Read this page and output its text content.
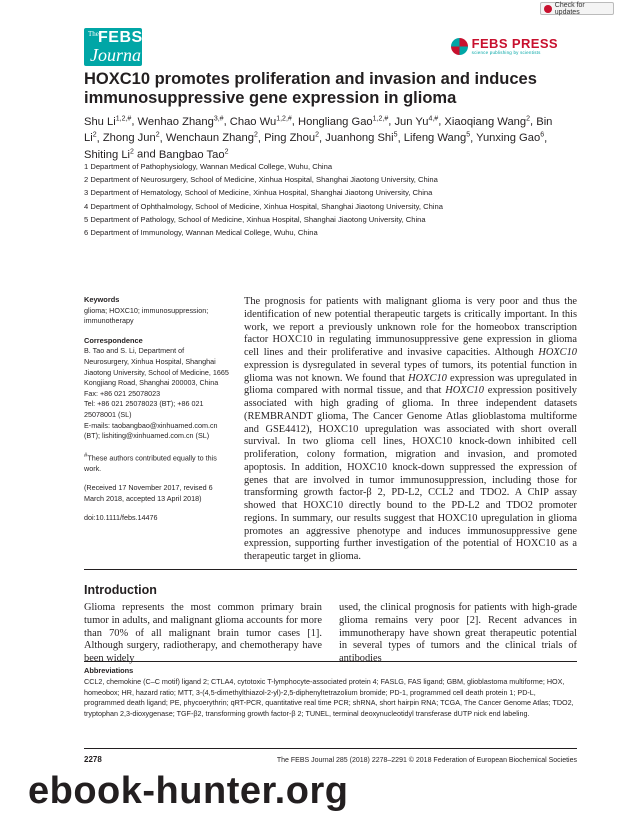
Check for updates
The FEBS
Journal
FEBS PRESS
science publishing by scientists
HOXC10 promotes proliferation and invasion and induces immunosuppressive gene expression in glioma
Shu $Li^{1,2,\#}$, Wenhao Zhang$^{3,\#}$, Chao $Wu^{1,2,\#}$, Hongliang Gao$^{1,2,\#}$, Jun $Yu^{4,\#}$, Xiaoqiang Wang$^2$, Bin Li$^2$, Zhong Jun$^2$, Wenchaun Zhang$^2$, Ping Zhou$^2$, Juanhong Shi$^5$, Lifeng Wang$^5$, Yunxing Gao$^6$, Shiting Li$^2$ and Bangbao Tao$^2$
1 Department of Pathophysiology, Wannan Medical College, Wuhu, China
2 Department of Neurosurgery, School of Medicine, Xinhua Hospital, Shanghai Jiaotong University, China
3 Department of Hematology, School of Medicine, Xinhua Hospital, Shanghai Jiaotong University, China
4 Department of Ophthalmology, School of Medicine, Xinhua Hospital, Shanghai Jiaotong University, China
5 Department of Pathology, School of Medicine, Xinhua Hospital, Shanghai Jiaotong University, China
6 Department of Immunology, Wannan Medical College, Wuhu, China
Keywords

glioma; HOXC10; immunosuppression; immunotherapy

Correspondence

B. Tao and S. Li, Department of Neurosurgery, Xinhua Hospital, Shanghai Jiaotong University, School of Medicine, 1665 Kongjiang Road, Shanghai 200003, China

Fax: +86 021 25078023

Tel: +86 021 25078023 (BT); +86 021 25078001 (SL)

E-mails: taobangbao@xinhuamed.com.cn (BT); lishiting@xinhuamed.com.cn (SL)

#These authors contributed equally to this work.

(Received 17 November 2017, revised 6 March 2018, accepted 13 April 2018)

doi:10.1111/febs.14476

The prognosis for patients with malignant glioma is very poor and thus the identification of new potential therapeutic targets is critically important. In this work, we report a previously unknown role for the homeobox transcription factor HOXC10 in regulating immunosuppressive gene expression in glioma cell lines and their proliferative and invasive capacities. Although HOXC10 expression is dysregulated in several types of tumors, its potential function in glioma was not known. We found that HOXC10 expression was upregulated in glioma compared with normal tissue, and that HOXC10 expression positively associated with high grading of glioma. In three independent datasets (REMBRANDT glioma, The Cancer Genome Atlas glioblastoma multiforme and GSE4412), HOXC10 upregulation was associated with short overall survival. In two glioma cell lines, HOXC10 knock-down inhibited cell proliferation, colony formation, migration and invasion, and promoted apoptosis. In addition, HOXC10 knock-down suppressed the expression of genes that are involved in tumor immunosuppression, including those for transforming growth factor-β 2, PD-L2, CCL2 and TDO2. A ChIP assay showed that HOXC10 directly bound to the PD-L2 and TDO2 promoter regions. In summary, our results suggest that HOXC10 upregulation in glioma promotes an aggressive phenotype and induces immunosuppressive gene expression, supporting further investigation of the potential of HOXC10 as a therapeutic target in glioma.
Introduction
Glioma represents the most common primary brain tumor in adults, and malignant glioma accounts for more than 70% of all malignant brain tumor cases [1]. Although surgery, radiotherapy, and chemotherapy have been widely
used, the clinical prognosis for patients with high-grade glioma remains very poor [2]. Recent advances in immunotherapy have shown great therapeutic potential in several types of tumors and the clinical trials of antibodies
Abbreviations
CCL2, chemokine (C–C motif) ligand 2; CTLA4, cytotoxic T-lymphocyte-associated protein 4; FASLG, FAS ligand; GBM, glioblastoma multiforme; HOX, homeobox; HR, hazard ratio; MTT, 3-(4,5-dimethylthiazol-2-yl)-2,5-diphenyltetrazolium bromide; PD-1, programmed cell death protein 1; PD-L, programmed death ligand; PE, phycoerythrin; qRT-PCR, quantitative real time PCR; shRNA, short hairpin RNA; TCGA, The Cancer Genome Atlas; TDO2, tryptophan 2,3-dioxygenase; TGF-β2, transforming growth factor-β 2; TUNEL, terminal deoxynucleotidyl transferase dUTP nick end labeling.
2278	The FEBS Journal 285 (2018) 2278–2291 © 2018 Federation of European Biochemical Societies
ebook-hunter.org
